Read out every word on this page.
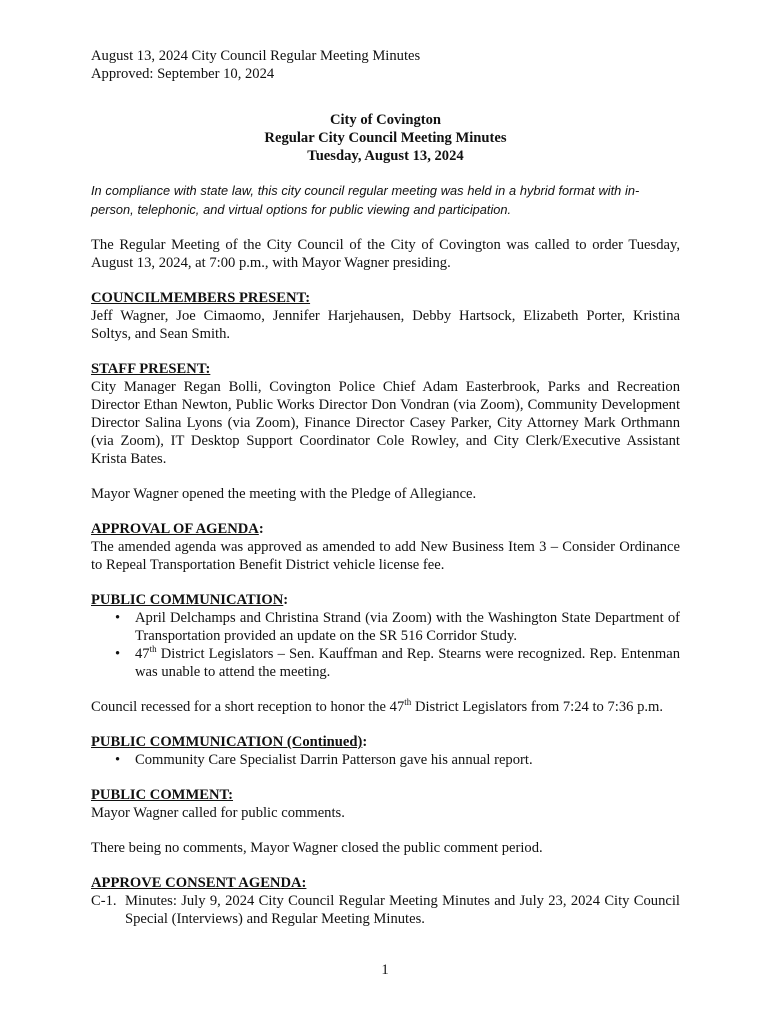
August 13, 2024 City Council Regular Meeting Minutes
Approved: September 10, 2024
City of Covington
Regular City Council Meeting Minutes
Tuesday, August 13, 2024

In compliance with state law, this city council regular meeting was held in a hybrid format with in-person, telephonic, and virtual options for public viewing and participation.

The Regular Meeting of the City Council of the City of Covington was called to order Tuesday, August 13, 2024, at 7:00 p.m., with Mayor Wagner presiding.

COUNCILMEMBERS PRESENT:

Jeff Wagner, Joe Cimaomo, Jennifer Harjehausen, Debby Hartsock, Elizabeth Porter, Kristina Soltys, and Sean Smith.

STAFF PRESENT:

City Manager Regan Bolli, Covington Police Chief Adam Easterbrook, Parks and Recreation Director Ethan Newton, Public Works Director Don Vondran (via Zoom), Community Development Director Salina Lyons (via Zoom), Finance Director Casey Parker, City Attorney Mark Orthmann (via Zoom), IT Desktop Support Coordinator Cole Rowley, and City Clerk/Executive Assistant Krista Bates.

Mayor Wagner opened the meeting with the Pledge of Allegiance.

APPROVAL OF AGENDA:

The amended agenda was approved as amended to add New Business Item 3 – Consider Ordinance to Repeal Transportation Benefit District vehicle license fee.

PUBLIC COMMUNICATION:
• April Delchamps and Christina Strand (via Zoom) with the Washington State Department of Transportation provided an update on the SR 516 Corridor Study.
• 47th District Legislators – Sen. Kauffman and Rep. Stearns were recognized. Rep. Entenman was unable to attend the meeting.

Council recessed for a short reception to honor the 47th District Legislators from 7:24 to 7:36 p.m.

PUBLIC COMMUNICATION (Continued):
• Community Care Specialist Darrin Patterson gave his annual report.
PUBLIC COMMENT:

Mayor Wagner called for public comments.

There being no comments, Mayor Wagner closed the public comment period.

APPROVE CONSENT AGENDA:
C-1. Minutes: July 9, 2024 City Council Regular Meeting Minutes and July 23, 2024 City Council Special (Interviews) and Regular Meeting Minutes.
1
